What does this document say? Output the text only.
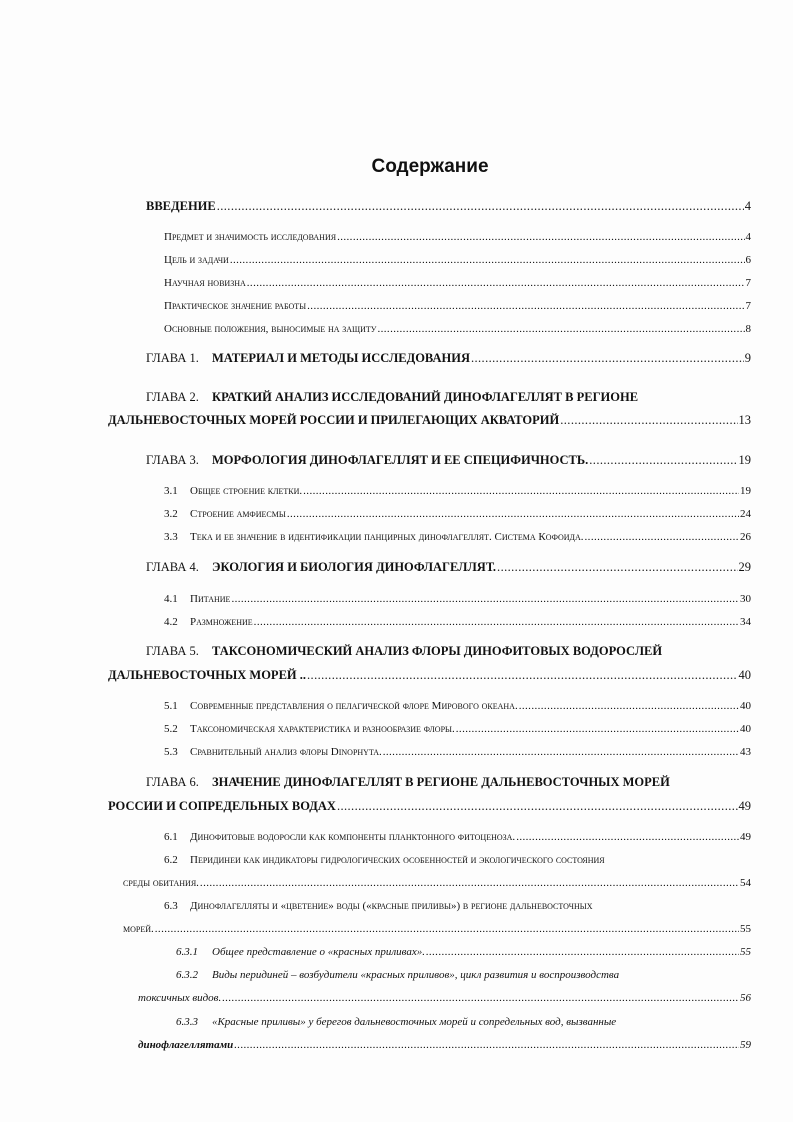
Содержание
ВВЕДЕНИЕ .....	4
Предмет и значимость исследования .....	4
Цель и задачи .....	6
Научная новизна .....	7
Практическое значение работы .....	7
Основные положения, выносимые на защиту .....	8
ГЛАВА 1.	МАТЕРИАЛ И МЕТОДЫ ИССЛЕДОВАНИЯ .....	9
ГЛАВА 2.	КРАТКИЙ АНАЛИЗ ИССЛЕДОВАНИЙ ДИНОФЛАГЕЛЛЯТ В РЕГИОНЕ
ДАЛЬНЕВОСТОЧНЫХ МОРЕЙ РОССИИ И ПРИЛЕГАЮЩИХ АКВАТОРИЙ .....	13
ГЛАВА 3.	МОРФОЛОГИЯ ДИНОФЛАГЕЛЛЯТ И ЕЕ СПЕЦИФИЧНОСТЬ. .....	19
3.1	Общее строение клетки. .....	19
3.2	Строение амфиесмы .....	24
3.3	Тека и ее значение в идентификации панцирных динофлагеллят. Система Кофоида. .....	26
ГЛАВА 4.	ЭКОЛОГИЯ И БИОЛОГИЯ ДИНОФЛАГЕЛЛЯТ. .....	29
4.1	Питание .....	30
4.2	Размножение .....	34
ГЛАВА 5.	ТАКСОНОМИЧЕСКИЙ АНАЛИЗ ФЛОРЫ ДИНОФИТОВЫХ ВОДОРОСЛЕЙ
ДАЛЬНЕВОСТОЧНЫХ МОРЕЙ .. .....	40
5.1	Современные представления о пелагической флоре Мирового океана. .....	40
5.2	Таксономическая характеристика и разнообразие флоры. .....	40
5.3	Сравнительный анализ флоры Dinophyta. .....	43
ГЛАВА 6.	ЗНАЧЕНИЕ ДИНОФЛАГЕЛЛЯТ В РЕГИОНЕ ДАЛЬНЕВОСТОЧНЫХ МОРЕЙ
РОССИИ И СОПРЕДЕЛЬНЫХ ВОДАХ .....	49
6.1	Динофитовые водоросли как компоненты планктонного фитоценоза. .....	49
6.2	Перидинеи как индикаторы гидрологических особенностей и экологического состояния
среды обитания. .....	54
6.3	Динофлагелляты и «цветение» воды («красные приливы») в регионе дальневосточных
морей. .....	55
6.3.1	Общее представление о «красных приливах». .....	55
6.3.2	Виды перидиней – возбудители «красных приливов», цикл развития и воспроизводства
токсичных видов. .....	56
6.3.3	«Красные приливы» у берегов дальневосточных морей и сопредельных вод, вызванные
динофлагеллятами .....	59
